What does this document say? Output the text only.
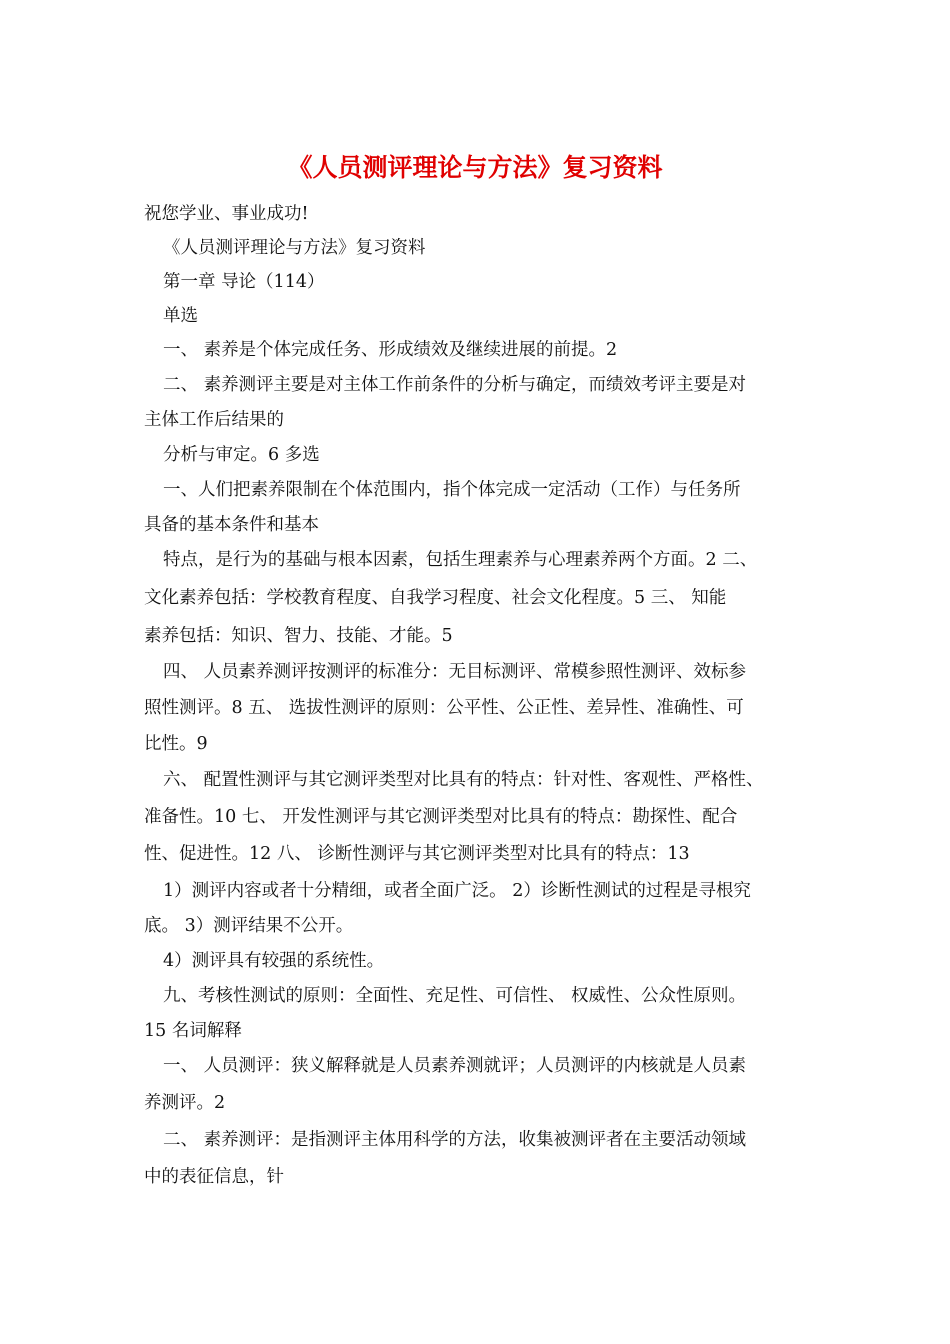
《人员测评理论与方法》复习资料

祝您学业、事业成功!

《人员测评理论与方法》复习资料

第一章 导论（114）

单选

一、 素养是个体完成任务、形成绩效及继续进展的前提。2

二、 素养测评主要是对主体工作前条件的分析与确定，而绩效考评主要是对

主体工作后结果的

分析与审定。6 多选

一、人们把素养限制在个体范围内，指个体完成一定活动（工作）与任务所

具备的基本条件和基本

特点，是行为的基础与根本因素，包括生理素养与心理素养两个方面。2 二、

文化素养包括：学校教育程度、自我学习程度、社会文化程度。5 三、 知能

素养包括：知识、智力、技能、才能。5

四、 人员素养测评按测评的标准分：无目标测评、常模参照性测评、效标参

照性测评。8 五、 选拔性测评的原则：公平性、公正性、差异性、准确性、可

比性。9

六、 配置性测评与其它测评类型对比具有的特点：针对性、客观性、严格性、

准备性。10 七、 开发性测评与其它测评类型对比具有的特点：勘探性、配合

性、促进性。12 八、 诊断性测评与其它测评类型对比具有的特点：13

1）测评内容或者十分精细，或者全面广泛。 2）诊断性测试的过程是寻根究

底。 3）测评结果不公开。

4）测评具有较强的系统性。

九、考核性测试的原则：全面性、充足性、可信性、 权威性、公众性原则。

15 名词解释

一、 人员测评：狭义解释就是人员素养测就评；人员测评的内核就是人员素

养测评。2

二、 素养测评：是指测评主体用科学的方法，收集被测评者在主要活动领域

中的表征信息，针
